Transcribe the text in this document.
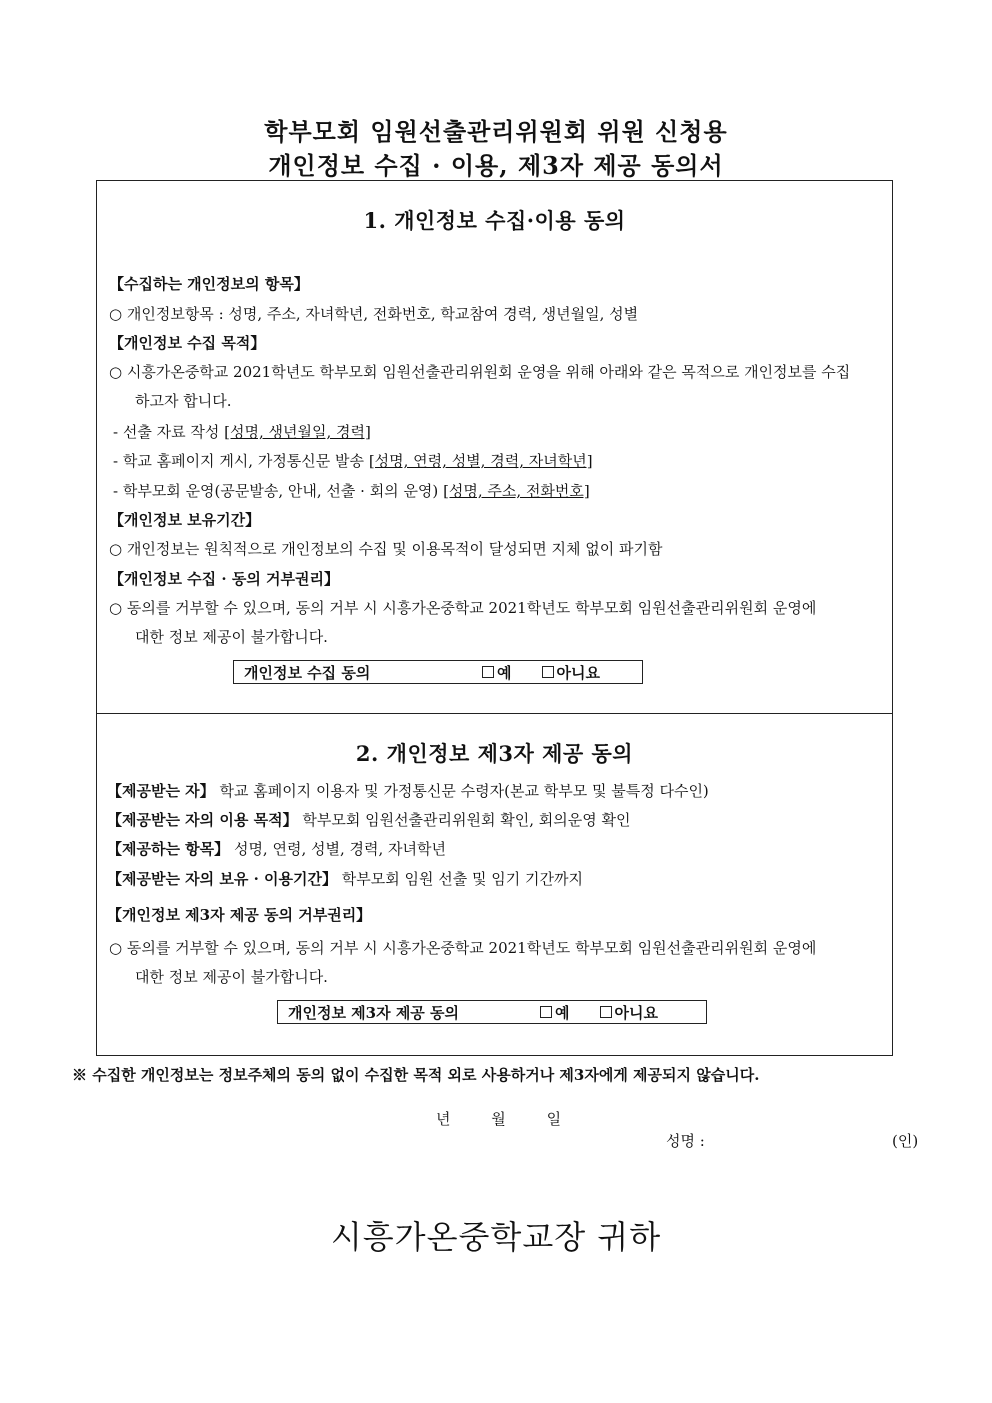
학부모회 임원선출관리위원회 위원 신청용
개인정보 수집 · 이용, 제3자 제공 동의서
1. 개인정보 수집·이용 동의
【수집하는 개인정보의 항목】
○ 개인정보항목 : 성명, 주소, 자녀학년, 전화번호, 학교참여 경력, 생년월일, 성별
【개인정보 수집 목적】
○ 시흥가온중학교 2021학년도 학부모회 임원선출관리위원회 운영을 위해 아래와 같은 목적으로 개인정보를 수집
하고자 합니다.
- 선출 자료 작성 [성명, 생년월일, 경력]
- 학교 홈페이지 게시, 가정통신문 발송 [성명, 연령, 성별, 경력, 자녀학년]
- 학부모회 운영(공문발송, 안내, 선출 · 회의 운영) [성명, 주소, 전화번호]
【개인정보 보유기간】
○ 개인정보는 원칙적으로 개인정보의 수집 및 이용목적이 달성되면 지체 없이 파기함
【개인정보 수집 · 동의 거부권리】
○ 동의를 거부할 수 있으며, 동의 거부 시 시흥가온중학교 2021학년도 학부모회 임원선출관리위원회 운영에
대한 정보 제공이 불가합니다.
개인정보 수집 동의	예	아니요
2. 개인정보 제3자 제공 동의
【제공받는 자】 학교 홈페이지 이용자 및 가정통신문 수령자(본교 학부모 및 불특정 다수인)
【제공받는 자의 이용 목적】 학부모회 임원선출관리위원회 확인, 회의운영 확인
【제공하는 항목】 성명, 연령, 성별, 경력, 자녀학년
【제공받는 자의 보유 · 이용기간】 학부모회 임원 선출 및 임기 기간까지
【개인정보 제3자 제공 동의 거부권리】
○ 동의를 거부할 수 있으며, 동의 거부 시 시흥가온중학교 2021학년도 학부모회 임원선출관리위원회 운영에
대한 정보 제공이 불가합니다.
개인정보 제3자 제공 동의	예	아니요
※ 수집한 개인정보는 정보주체의 동의 없이 수집한 목적 외로 사용하거나 제3자에게 제공되지 않습니다.
년	월	일
성명 :	(인)
시흥가온중학교장 귀하
